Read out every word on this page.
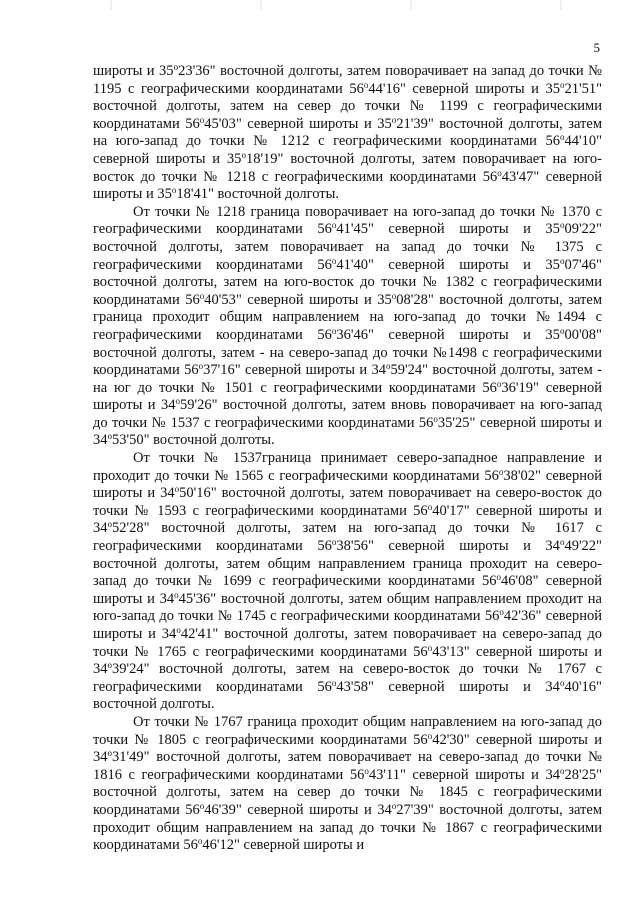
5

широты и 35$^o$23'36" восточной долготы, затем поворачивает на запад до точки № 1195 с географическими координатами 56$^o$44'16" северной широты и 35$^o$21'51" восточной долготы, затем на север до точки № 1199 с географическими координатами 56$^o$45'03" северной широты и 35$^o$21'39" восточной долготы, затем на юго-запад до точки № 1212 с географическими координатами 56$^o$44'10" северной широты и 35$^o$18'19" восточной долготы, затем поворачивает на юго-восток до точки № 1218 с географическими координатами 56$^o$43'47" северной широты и 35$^o$18'41" восточной долготы.

От точки № 1218 граница поворачивает на юго-запад до точки № 1370 с географическими координатами 56$^o$41'45" северной широты и 35$^o$09'22" восточной долготы, затем поворачивает на запад до точки № 1375 с географическими координатами 56$^o$41'40" северной широты и 35$^o$07'46" восточной долготы, затем на юго-восток до точки № 1382 с географическими координатами 56$^o$40'53" северной широты и 35$^o$08'28" восточной долготы, затем граница проходит общим направлением на юго-запад до точки №1494 с географическими координатами 56$^o$36'46" северной широты и 35$^o$00'08" восточной долготы, затем - на северо-запад до точки №1498 с географическими координатами 56$^o$37'16" северной широты и 34$^o$59'24" восточной долготы, затем - на юг до точки № 1501 с географическими координатами 56$^o$36'19" северной широты и 34$^o$59'26" восточной долготы, затем вновь поворачивает на юго-запад до точки № 1537 с географическими координатами 56$^o$35'25" северной широты и 34$^o$53'50" восточной долготы.

От точки № 1537граница принимает северо-западное направление и проходит до точки № 1565 с географическими координатами 56$^o$38'02" северной широты и 34$^o$50'16" восточной долготы, затем поворачивает на северо-восток до точки № 1593 с географическими координатами 56$^o$40'17" северной широты и 34$^o$52'28" восточной долготы, затем на юго-запад до точки № 1617 с географическими координатами 56$^o$38'56" северной широты и 34$^o$49'22" восточной долготы, затем общим направлением граница проходит на северо-запад до точки № 1699 с географическими координатами 56$^o$46'08" северной широты и 34$^o$45'36" восточной долготы, затем общим направлением проходит на юго-запад до точки № 1745 с географическими координатами 56$^o$42'36" северной широты и 34$^o$42'41" восточной долготы, затем поворачивает на северо-запад до точки № 1765 с географическими координатами 56$^o$43'13" северной широты и 34$^o$39'24" восточной долготы, затем на северо-восток до точки № 1767 с географическими координатами 56$^o$43'58" северной широты и 34$^o$40'16" восточной долготы.

От точки № 1767 граница проходит общим направлением на юго-запад до точки № 1805 с географическими координатами 56$^o$42'30" северной широты и 34$^o$31'49" восточной долготы, затем поворачивает на северо-запад до точки № 1816 с географическими координатами 56$^o$43'11" северной широты и 34$^o$28'25" восточной долготы, затем на север до точки № 1845 с географическими координатами 56$^o$46'39" северной широты и 34$^o$27'39" восточной долготы, затем проходит общим направлением на запад до точки № 1867 с географическими координатами 56$^o$46'12" северной широты и
